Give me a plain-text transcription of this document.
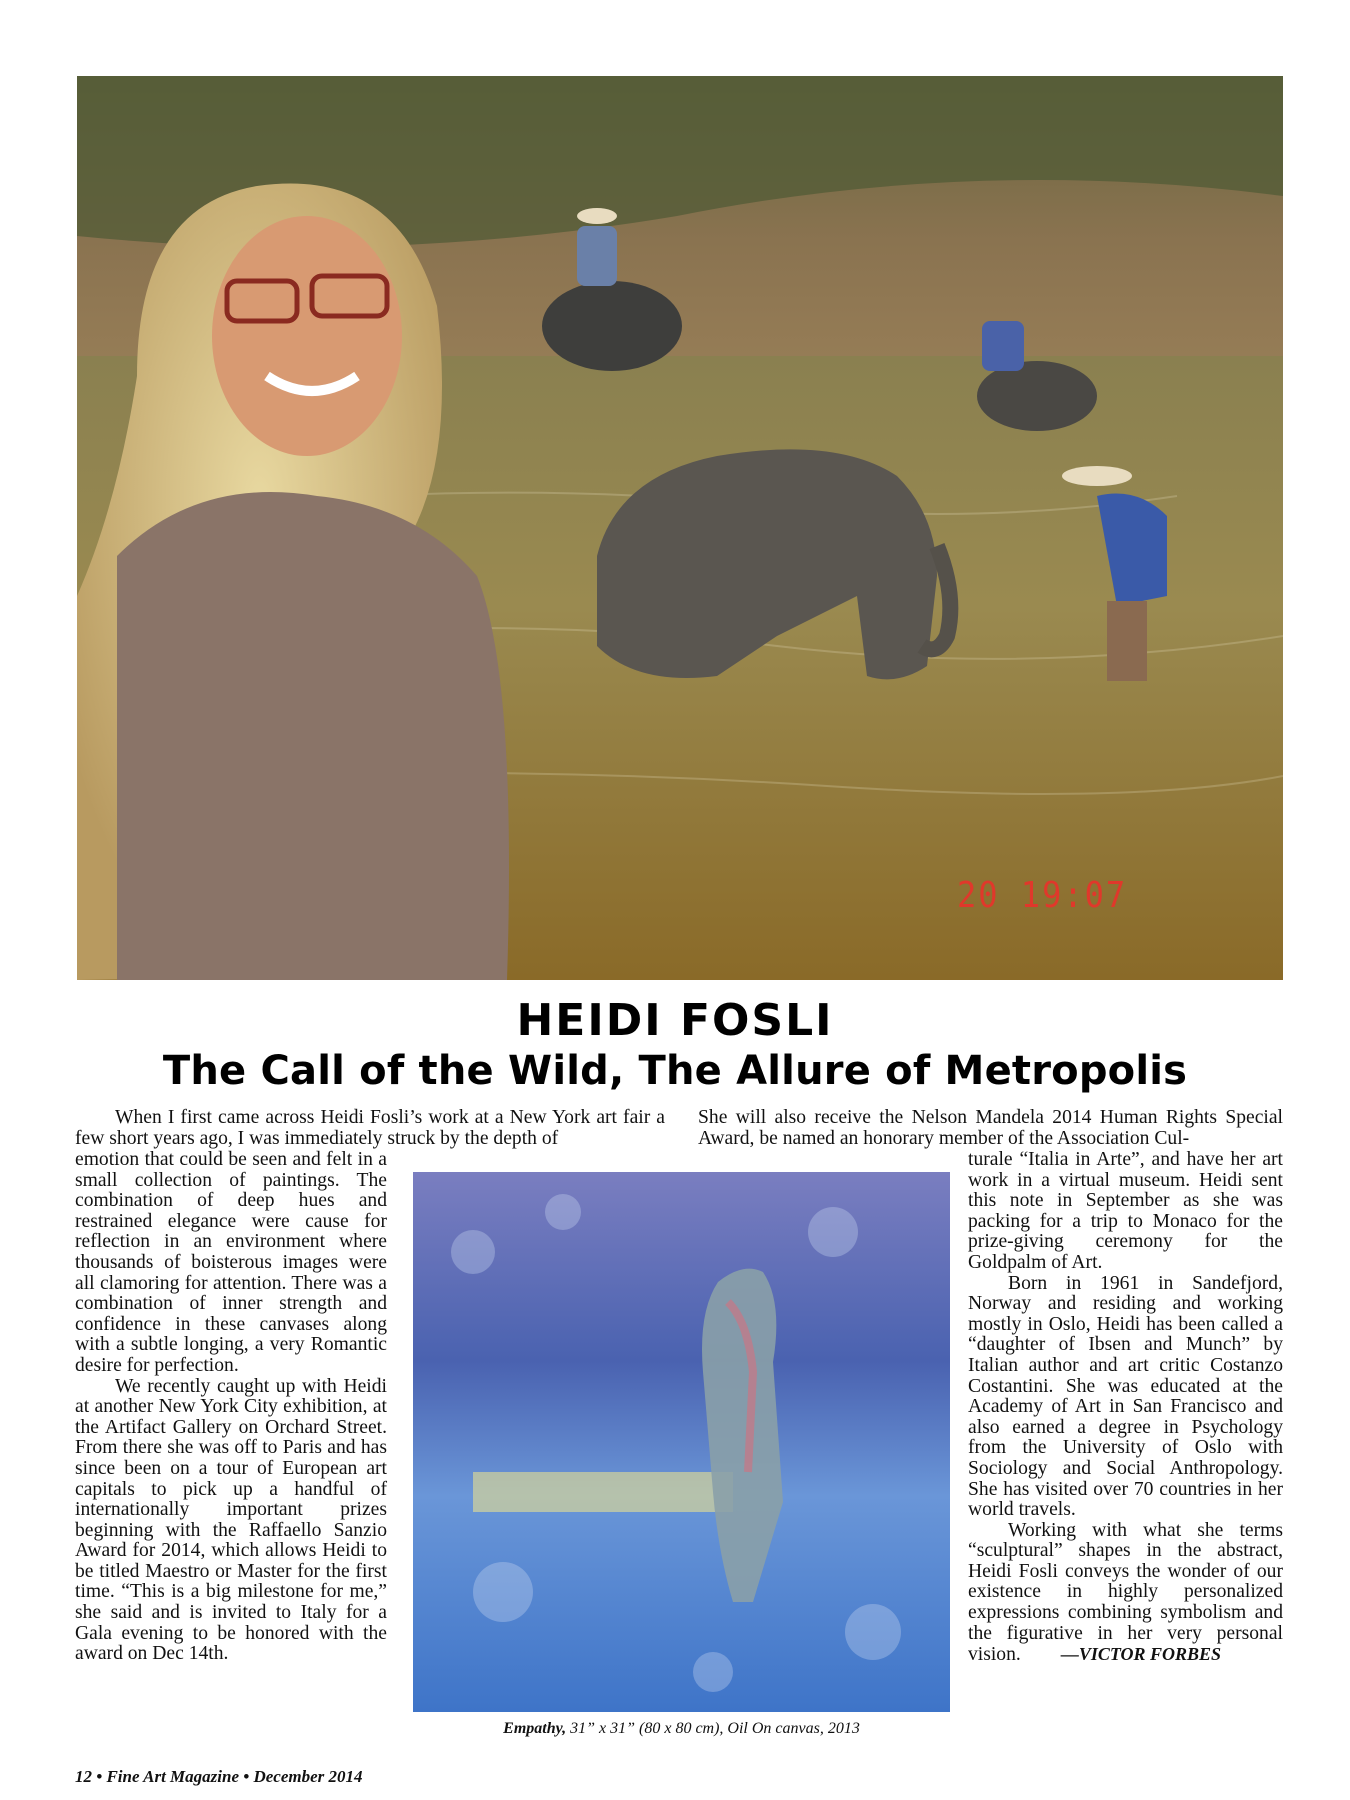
20 19:07
HEIDI FOSLI
The Call of the Wild, The Allure of Metropolis

When I first came across Heidi Fosli’s work at a New York art fair a few short years ago, I was immediately struck by the depth of

emotion that could be seen and felt in a small collection of paintings. The combination of deep hues and restrained elegance were cause for reflection in an environment where thousands of boisterous images were all clamoring for attention. There was a combination of inner strength and confidence in these canvases along with a subtle longing, a very Romantic desire for perfection.

We recently caught up with Heidi at another New York City exhibition, at the Artifact Gallery on Orchard Street. From there she was off to Paris and has since been on a tour of European art capitals to pick up a handful of internationally important prizes beginning with the Raffaello Sanzio Award for 2014, which allows Heidi to be titled Maestro or Master for the first time. “This is a big milestone for me,” she said and is invited to Italy for a Gala evening to be honored with the award on Dec 14th.

She will also receive the Nelson Mandela 2014 Human Rights Special Award, be named an honorary member of the Association Cul-

turale “Italia in Arte”, and have her art work in a virtual museum. Heidi sent this note in September as she was packing for a trip to Monaco for the prize-giving ceremony for the Goldpalm of Art.

Born in 1961 in Sandefjord, Norway and residing and working mostly in Oslo, Heidi has been called a “daughter of Ibsen and Munch” by Italian author and art critic Costanzo Costantini. She was educated at the Academy of Art in San Francisco and also earned a degree in Psychology from the University of Oslo with Sociology and Social Anthropology. She has visited over 70 countries in her world travels.

Working with what she terms “sculptural” shapes in the abstract, Heidi Fosli conveys the wonder of our existence in highly personalized expressions combining symbolism and the figurative in her very personal vision. —VICTOR FORBES

Empathy, 31” x 31” (80 x 80 cm), Oil On canvas, 2013
12 • Fine Art Magazine • December 2014
